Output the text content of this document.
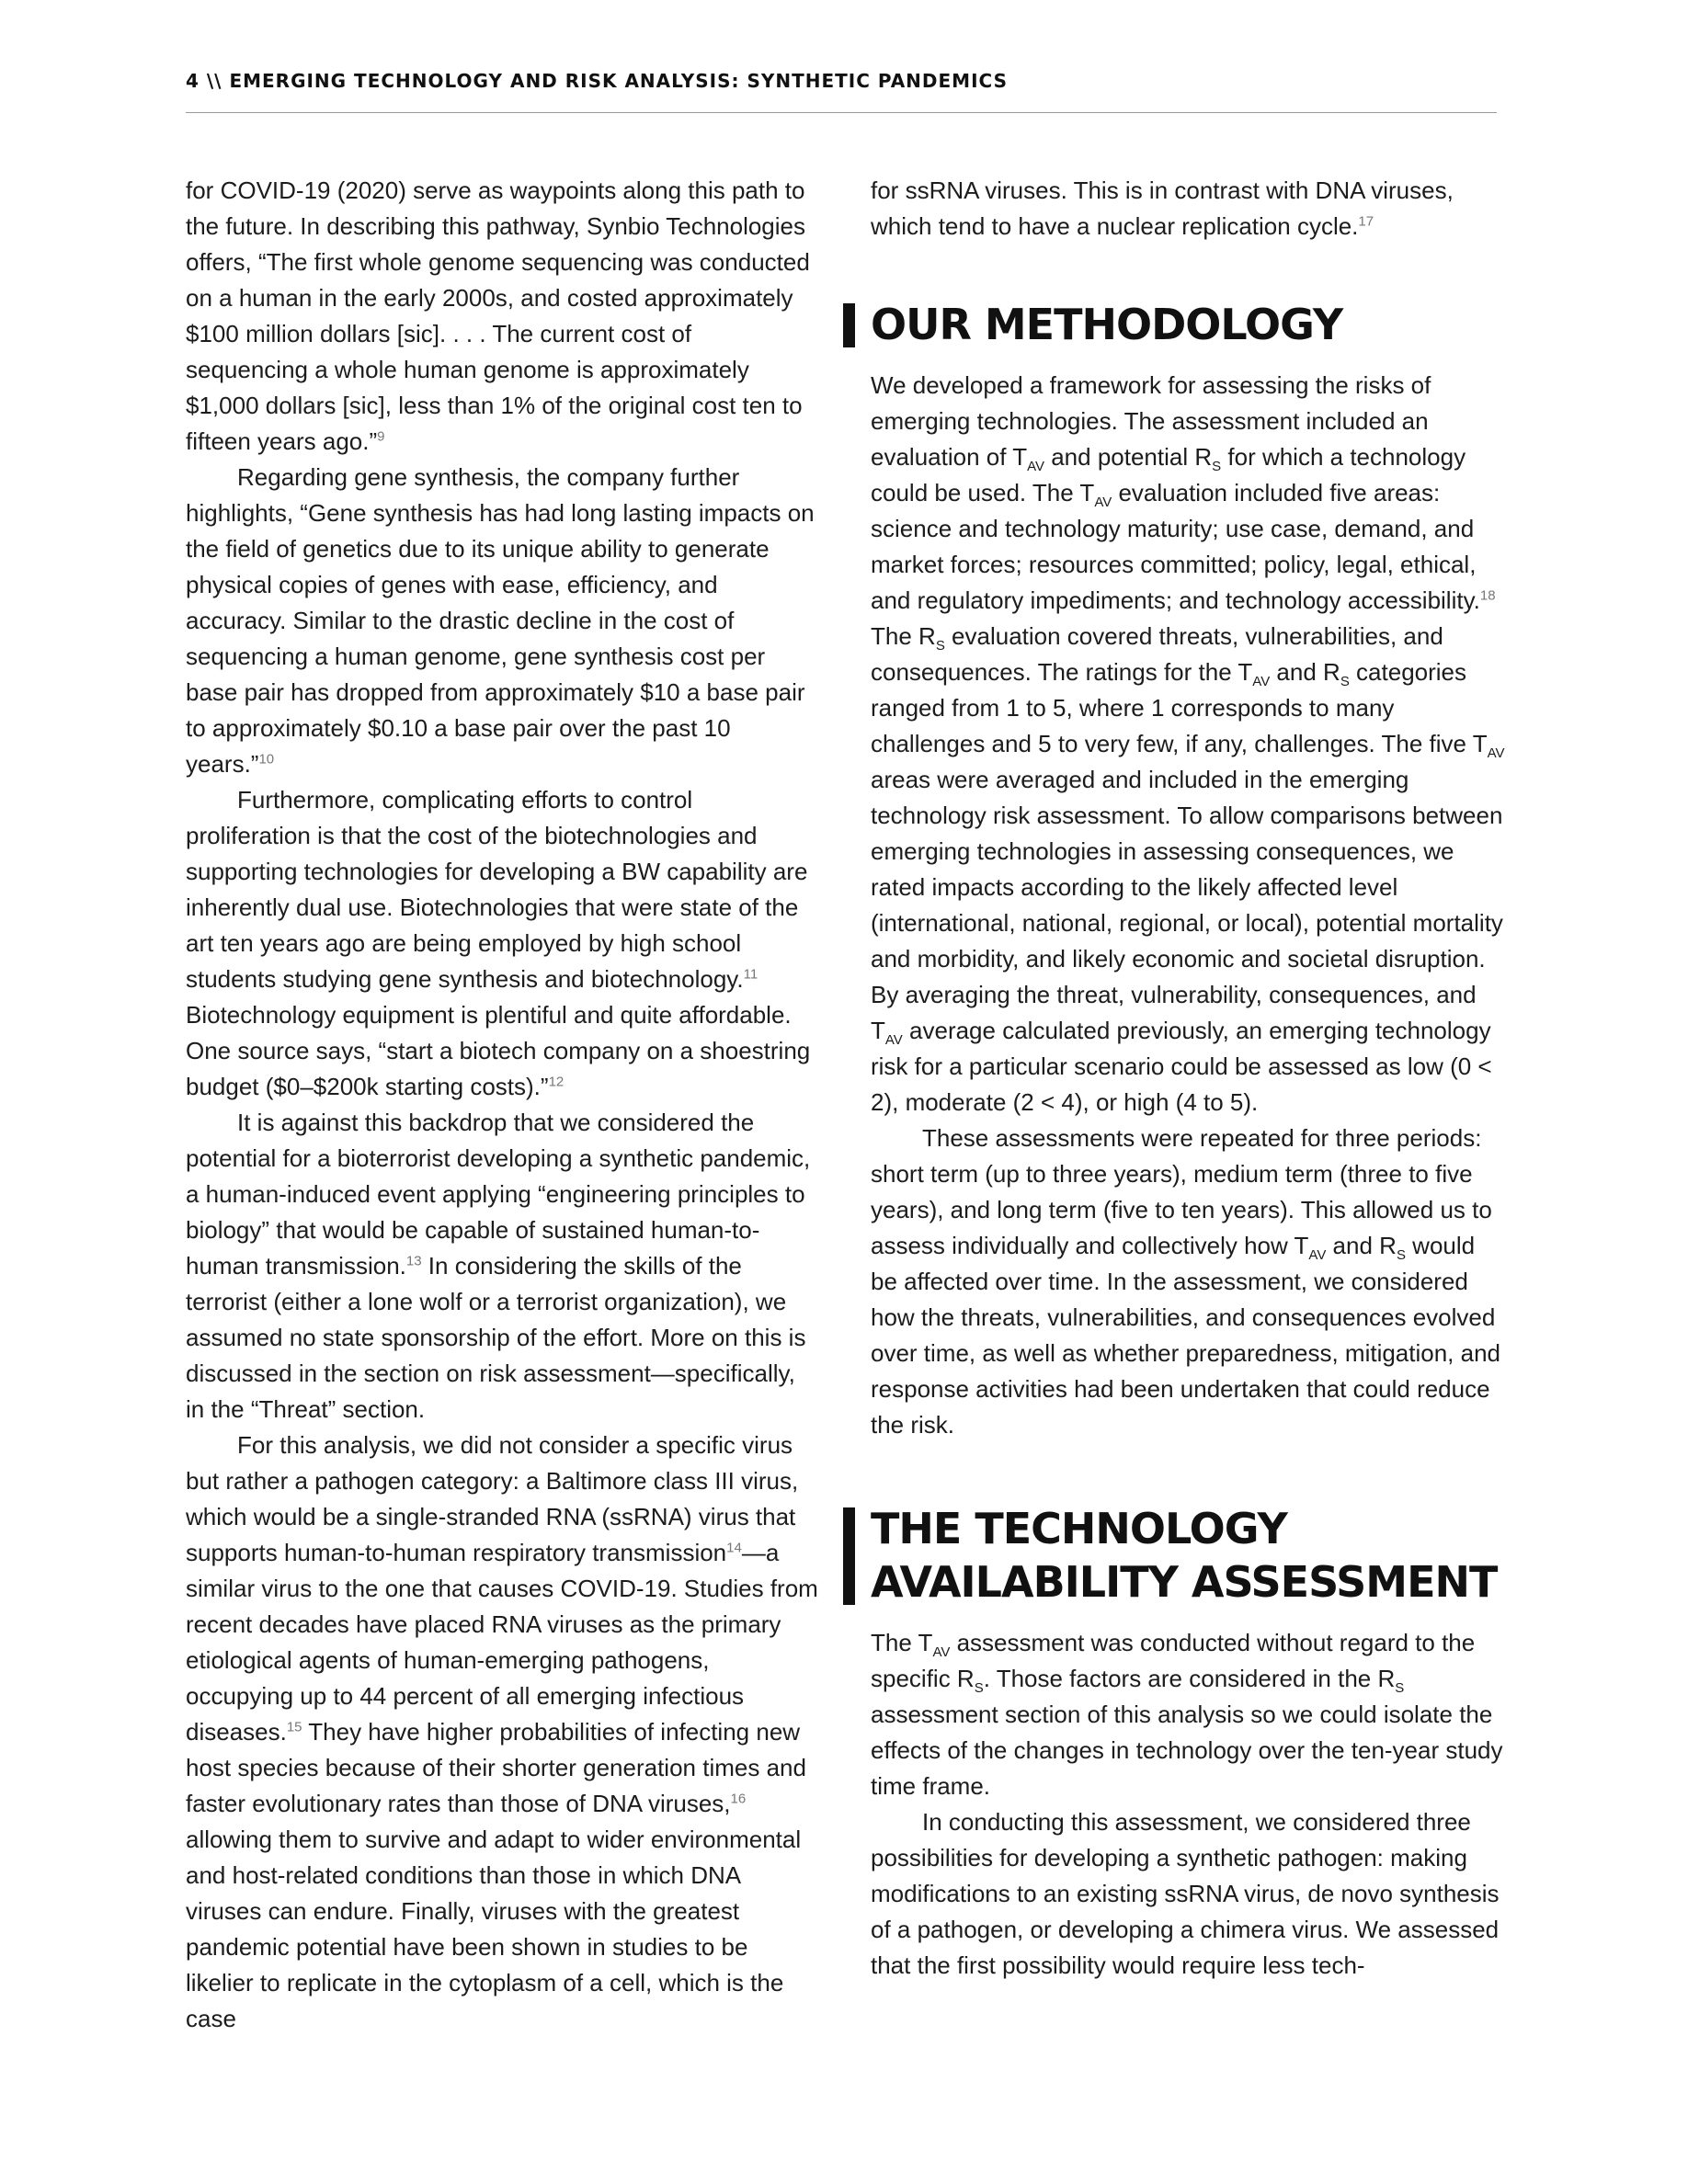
4 \\ EMERGING TECHNOLOGY AND RISK ANALYSIS: SYNTHETIC PANDEMICS

for COVID-19 (2020) serve as waypoints along this path to the future. In describing this pathway, Synbio Technologies offers, “The first whole genome sequencing was conducted on a human in the early 2000s, and costed approximately $100 million dollars [sic]. . . . The current cost of sequencing a whole human genome is approximately $1,000 dollars [sic], less than 1% of the original cost ten to fifteen years ago.”$^9$

Regarding gene synthesis, the company further highlights, “Gene synthesis has had long lasting impacts on the field of genetics due to its unique ability to generate physical copies of genes with ease, efficiency, and accuracy. Similar to the drastic decline in the cost of sequencing a human genome, gene synthesis cost per base pair has dropped from approximately $10 a base pair to approximately $0.10 a base pair over the past 10 years.”$^{10}$

Furthermore, complicating efforts to control proliferation is that the cost of the biotechnologies and supporting technologies for developing a BW capability are inherently dual use. Biotechnologies that were state of the art ten years ago are being employed by high school students studying gene synthesis and biotechnology.$^{11}$ Biotechnology equipment is plentiful and quite affordable. One source says, “start a biotech company on a shoestring budget ($0–$200k starting costs).”$^{12}$

It is against this backdrop that we considered the potential for a bioterrorist developing a synthetic pandemic, a human-induced event applying “engineering principles to biology” that would be capable of sustained human-to-human transmission.$^{13}$ In considering the skills of the terrorist (either a lone wolf or a terrorist organization), we assumed no state sponsorship of the effort. More on this is discussed in the section on risk assessment—specifically, in the “Threat” section.

For this analysis, we did not consider a specific virus but rather a pathogen category: a Baltimore class III virus, which would be a single-stranded RNA (ssRNA) virus that supports human-to-human respiratory transmission$^{14}$—a similar virus to the one that causes COVID-19. Studies from recent decades have placed RNA viruses as the primary etiological agents of human-emerging pathogens, occupying up to 44 percent of all emerging infectious diseases.$^{15}$ They have higher probabilities of infecting new host species because of their shorter generation times and faster evolutionary rates than those of DNA viruses,$^{16}$ allowing them to survive and adapt to wider environmental and host-related conditions than those in which DNA viruses can endure. Finally, viruses with the greatest pandemic potential have been shown in studies to be likelier to replicate in the cytoplasm of a cell, which is the case

for ssRNA viruses. This is in contrast with DNA viruses, which tend to have a nuclear replication cycle.$^{17}$

OUR METHODOLOGY

We developed a framework for assessing the risks of emerging technologies. The assessment included an evaluation of $T_{AV}$ and potential $R_S$ for which a technology could be used. The $T_{AV}$ evaluation included five areas: science and technology maturity; use case, demand, and market forces; resources committed; policy, legal, ethical, and regulatory impediments; and technology accessibility.$^{18}$ The $R_S$ evaluation covered threats, vulnerabilities, and consequences. The ratings for the $T_{AV}$ and $R_S$ categories ranged from 1 to 5, where 1 corresponds to many challenges and 5 to very few, if any, challenges. The five $T_{AV}$ areas were averaged and included in the emerging technology risk assessment. To allow comparisons between emerging technologies in assessing consequences, we rated impacts according to the likely affected level (international, national, regional, or local), potential mortality and morbidity, and likely economic and societal disruption. By averaging the threat, vulnerability, consequences, and $T_{AV}$ average calculated previously, an emerging technology risk for a particular scenario could be assessed as low (0 < 2), moderate (2 < 4), or high (4 to 5).

These assessments were repeated for three periods: short term (up to three years), medium term (three to five years), and long term (five to ten years). This allowed us to assess individually and collectively how $T_{AV}$ and $R_S$ would be affected over time. In the assessment, we considered how the threats, vulnerabilities, and consequences evolved over time, as well as whether preparedness, mitigation, and response activities had been undertaken that could reduce the risk.

THE TECHNOLOGY AVAILABILITY ASSESSMENT

The $T_{AV}$ assessment was conducted without regard to the specific $R_S$. Those factors are considered in the $R_S$ assessment section of this analysis so we could isolate the effects of the changes in technology over the ten-year study time frame.

In conducting this assessment, we considered three possibilities for developing a synthetic pathogen: making modifications to an existing ssRNA virus, de novo synthesis of a pathogen, or developing a chimera virus. We assessed that the first possibility would require less tech-
